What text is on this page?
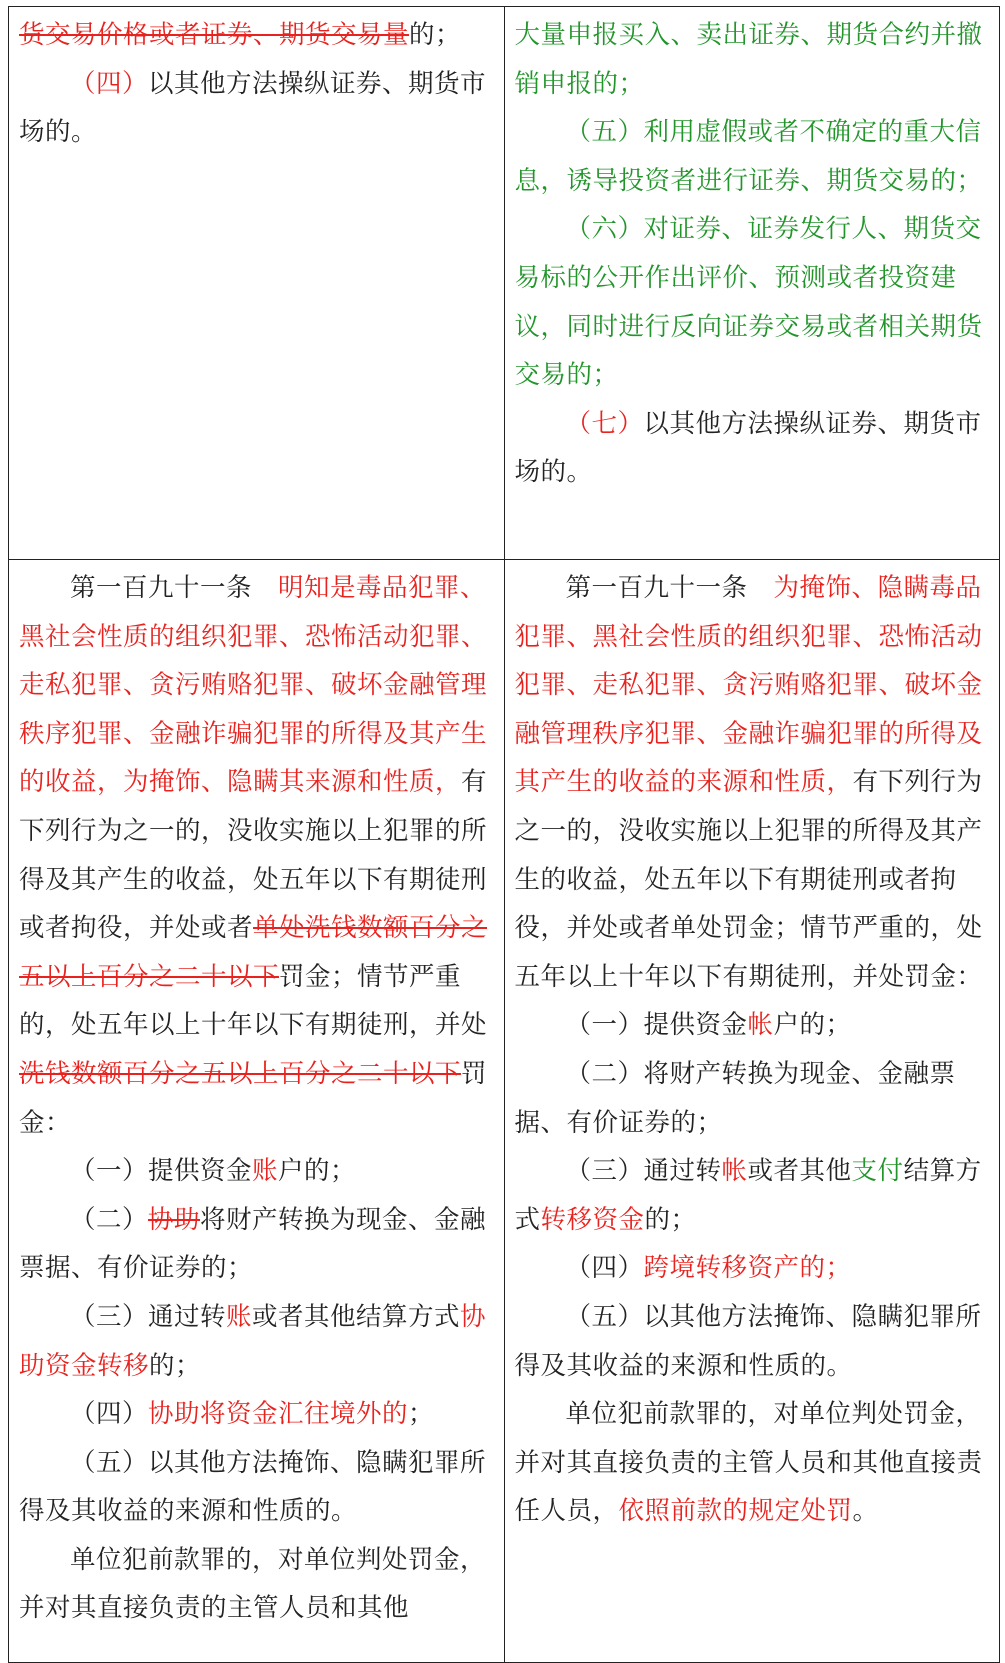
货交易价格或者证券、期货交易量的；

（四）以其他方法操纵证券、期货市场的。

大量申报买入、卖出证券、期货合约并撤销申报的；

（五）利用虚假或者不确定的重大信息，诱导投资者进行证券、期货交易的；

（六）对证券、证券发行人、期货交易标的公开作出评价、预测或者投资建议，同时进行反向证券交易或者相关期货交易的；

（七）以其他方法操纵证券、期货市场的。

第一百九十一条　明知是毒品犯罪、黑社会性质的组织犯罪、恐怖活动犯罪、走私犯罪、贪污贿赂犯罪、破坏金融管理秩序犯罪、金融诈骗犯罪的所得及其产生的收益，为掩饰、隐瞒其来源和性质，有下列行为之一的，没收实施以上犯罪的所得及其产生的收益，处五年以下有期徒刑或者拘役，并处或者单处洗钱数额百分之五以上百分之二十以下罚金；情节严重的，处五年以上十年以下有期徒刑，并处洗钱数额百分之五以上百分之二十以下罚金：

（一）提供资金账户的；

（二）协助将财产转换为现金、金融票据、有价证券的；

（三）通过转账或者其他结算方式协助资金转移的；

（四）协助将资金汇往境外的；

（五）以其他方法掩饰、隐瞒犯罪所得及其收益的来源和性质的。

单位犯前款罪的，对单位判处罚金，并对其直接负责的主管人员和其他

第一百九十一条　为掩饰、隐瞒毒品犯罪、黑社会性质的组织犯罪、恐怖活动犯罪、走私犯罪、贪污贿赂犯罪、破坏金融管理秩序犯罪、金融诈骗犯罪的所得及其产生的收益的来源和性质，有下列行为之一的，没收实施以上犯罪的所得及其产生的收益，处五年以下有期徒刑或者拘役，并处或者单处罚金；情节严重的，处五年以上十年以下有期徒刑，并处罚金：

（一）提供资金帐户的；

（二）将财产转换为现金、金融票据、有价证券的；

（三）通过转帐或者其他支付结算方式转移资金的；

（四）跨境转移资产的；

（五）以其他方法掩饰、隐瞒犯罪所得及其收益的来源和性质的。

单位犯前款罪的，对单位判处罚金，并对其直接负责的主管人员和其他直接责任人员，依照前款的规定处罚。
